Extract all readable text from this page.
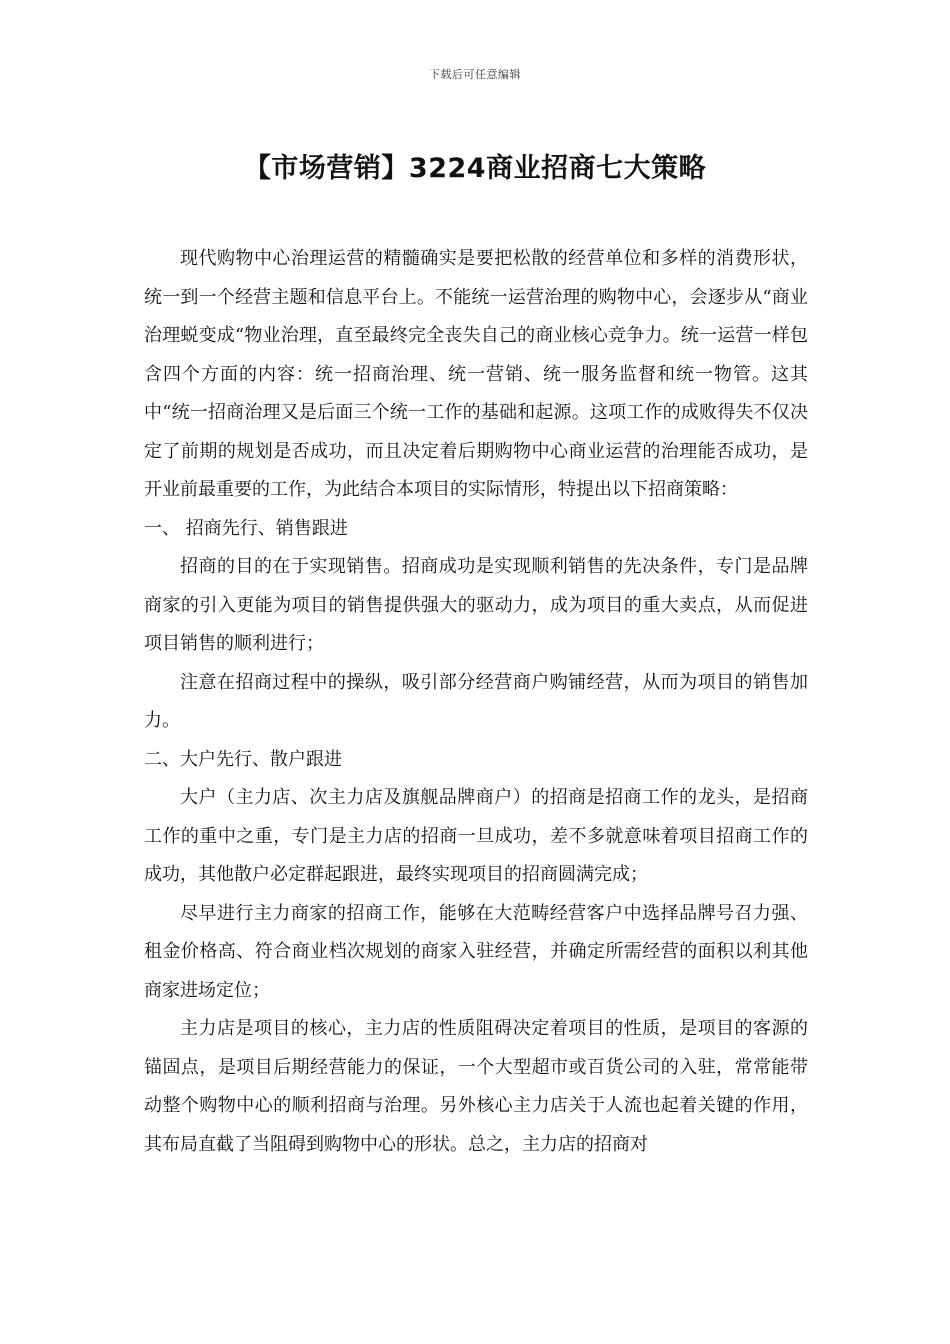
下载后可任意编辑
【市场营销】3224商业招商七大策略

现代购物中心治理运营的精髓确实是要把松散的经营单位和多样的消费形状，统一到一个经营主题和信息平台上。不能统一运营治理的购物中心，会逐步从“商业治理蜕变成“物业治理，直至最终完全丧失自己的商业核心竞争力。统一运营一样包含四个方面的内容：统一招商治理、统一营销、统一服务监督和统一物管。这其中“统一招商治理又是后面三个统一工作的基础和起源。这项工作的成败得失不仅决定了前期的规划是否成功，而且决定着后期购物中心商业运营的治理能否成功，是开业前最重要的工作，为此结合本项目的实际情形，特提出以下招商策略：

一、 招商先行、销售跟进

招商的目的在于实现销售。招商成功是实现顺利销售的先决条件，专门是品牌商家的引入更能为项目的销售提供强大的驱动力，成为项目的重大卖点，从而促进项目销售的顺利进行；

注意在招商过程中的操纵，吸引部分经营商户购铺经营，从而为项目的销售加力。

二、大户先行、散户跟进

大户（主力店、次主力店及旗舰品牌商户）的招商是招商工作的龙头，是招商工作的重中之重，专门是主力店的招商一旦成功，差不多就意味着项目招商工作的成功，其他散户必定群起跟进，最终实现项目的招商圆满完成；

尽早进行主力商家的招商工作，能够在大范畴经营客户中选择品牌号召力强、租金价格高、符合商业档次规划的商家入驻经营，并确定所需经营的面积以利其他商家进场定位；

主力店是项目的核心，主力店的性质阻碍决定着项目的性质，是项目的客源的锚固点，是项目后期经营能力的保证，一个大型超市或百货公司的入驻，常常能带动整个购物中心的顺利招商与治理。另外核心主力店关于人流也起着关键的作用，其布局直截了当阻碍到购物中心的形状。总之，主力店的招商对
